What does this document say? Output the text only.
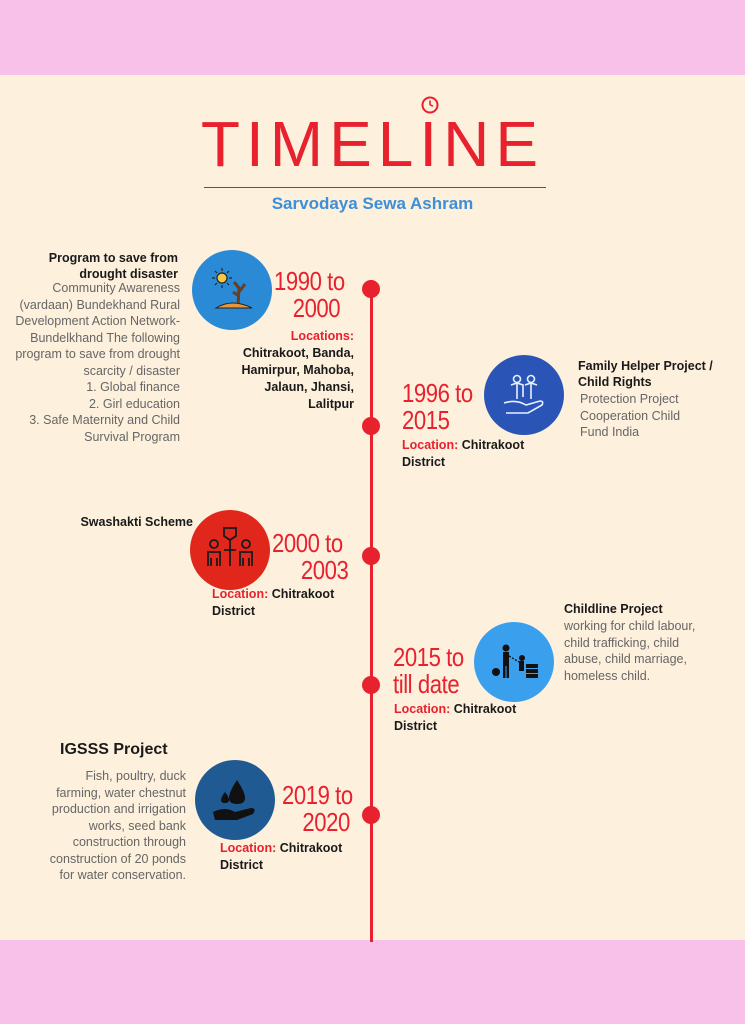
TIMELINE
Sarvodaya Sewa Ashram
1990 to
2000
Locations: Chitrakoot, Banda, Hamirpur, Mahoba, Jalaun, Jhansi, Lalitpur
Program to save from drought disaster
Community Awareness (vardaan) Bundekhand Rural Development Action Network- Bundelkhand The following program to save from drought scarcity / disaster
1. Global finance
2. Girl education
3. Safe Maternity and Child Survival Program
1996 to
2015
Location: Chitrakoot District
Family Helper Project / Child Rights
Protection Project Cooperation Child Fund India
2000 to
2003
Location: Chitrakoot District
Swashakti Scheme
2015 to
till date
Location: Chitrakoot District
Childline Project
working for child labour, child trafficking, child abuse, child marriage, homeless child.
2019 to
2020
Location: Chitrakoot District
IGSSS Project
Fish, poultry, duck farming, water chestnut production and irrigation works, seed bank construction through construction of 20 ponds for water conservation.
